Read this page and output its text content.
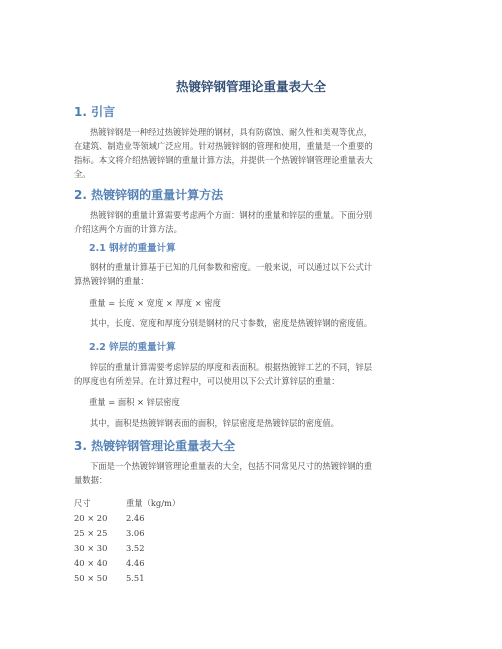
热镀锌钢管理论重量表大全
1. 引言
热镀锌钢是一种经过热镀锌处理的钢材，具有防腐蚀、耐久性和美观等优点，
在建筑、制造业等领域广泛应用。针对热镀锌钢的管理和使用，重量是一个重要的
指标。本文将介绍热镀锌钢的重量计算方法，并提供一个热镀锌钢管理论重量表大
全。
2. 热镀锌钢的重量计算方法
热镀锌钢的重量计算需要考虑两个方面：钢材的重量和锌层的重量。下面分别
介绍这两个方面的计算方法。
2.1 钢材的重量计算
钢材的重量计算基于已知的几何参数和密度。一般来说，可以通过以下公式计
算热镀锌钢的重量：
重量 = 长度 × 宽度 × 厚度 × 密度
其中，长度、宽度和厚度分别是钢材的尺寸参数，密度是热镀锌钢的密度值。
2.2 锌层的重量计算
锌层的重量计算需要考虑锌层的厚度和表面积。根据热镀锌工艺的不同，锌层
的厚度也有所差异。在计算过程中，可以使用以下公式计算锌层的重量：
重量 = 面积 × 锌层密度
其中，面积是热镀锌钢表面的面积，锌层密度是热镀锌层的密度值。
3. 热镀锌钢管理论重量表大全
下面是一个热镀锌钢管理论重量表的大全，包括不同常见尺寸的热镀锌钢的重
量数据：
尺寸	重量（kg/m）
20 × 20 2.46
25 × 25 3.06
30 × 30 3.52
40 × 40 4.46
50 × 50 5.51
